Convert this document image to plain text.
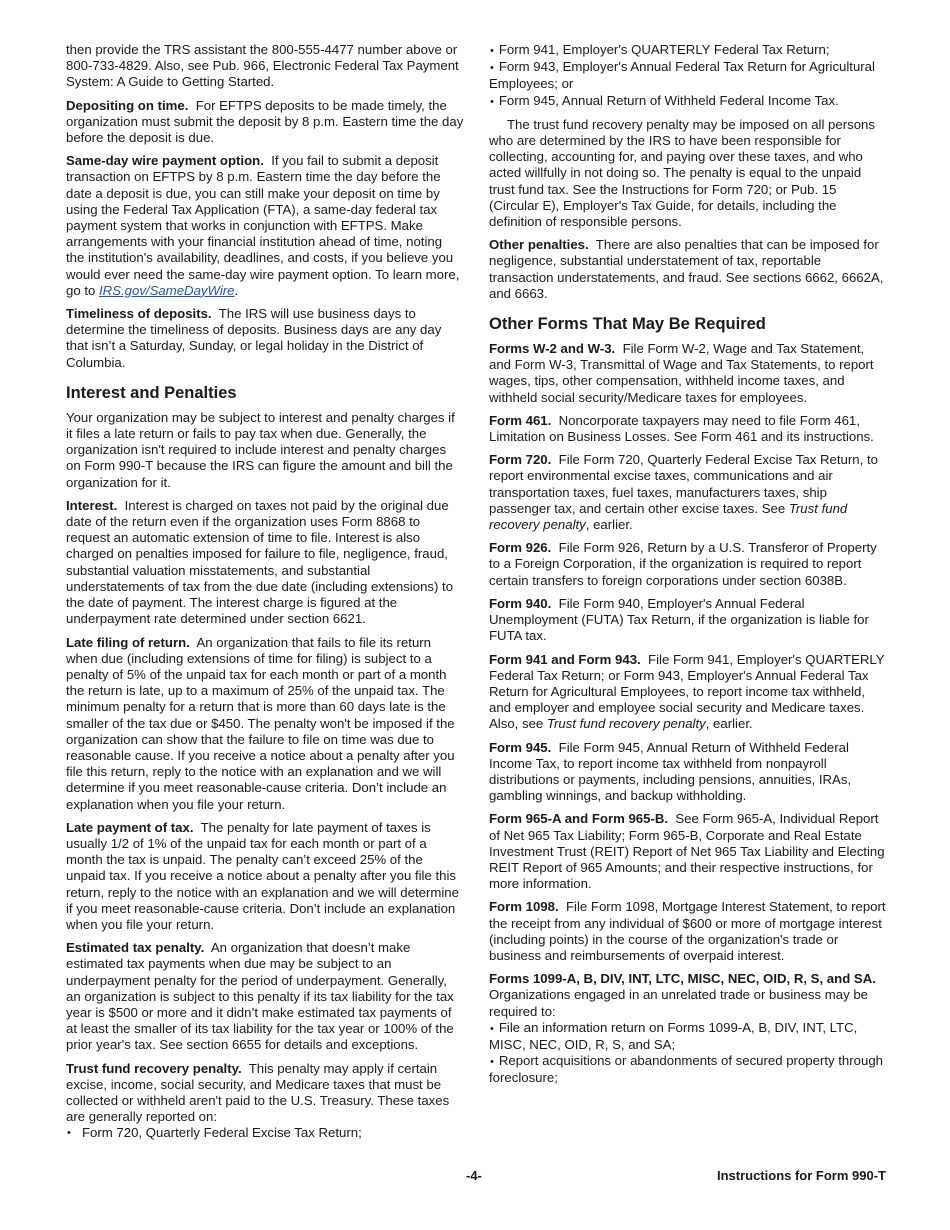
then provide the TRS assistant the 800-555-4477 number above or 800-733-4829. Also, see Pub. 966, Electronic Federal Tax Payment System: A Guide to Getting Started.

Depositing on time. For EFTPS deposits to be made timely, the organization must submit the deposit by 8 p.m. Eastern time the day before the deposit is due.

Same-day wire payment option. If you fail to submit a deposit transaction on EFTPS by 8 p.m. Eastern time the day before the date a deposit is due, you can still make your deposit on time by using the Federal Tax Application (FTA), a same-day federal tax payment system that works in conjunction with EFTPS. Make arrangements with your financial institution ahead of time, noting the institution's availability, deadlines, and costs, if you believe you would ever need the same-day wire payment option. To learn more, go to IRS.gov/SameDayWire.

Timeliness of deposits. The IRS will use business days to determine the timeliness of deposits. Business days are any day that isn’t a Saturday, Sunday, or legal holiday in the District of Columbia.

Interest and Penalties

Your organization may be subject to interest and penalty charges if it files a late return or fails to pay tax when due. Generally, the organization isn't required to include interest and penalty charges on Form 990-T because the IRS can figure the amount and bill the organization for it.

Interest. Interest is charged on taxes not paid by the original due date of the return even if the organization uses Form 8868 to request an automatic extension of time to file. Interest is also charged on penalties imposed for failure to file, negligence, fraud, substantial valuation misstatements, and substantial understatements of tax from the due date (including extensions) to the date of payment. The interest charge is figured at the underpayment rate determined under section 6621.

Late filing of return. An organization that fails to file its return when due (including extensions of time for filing) is subject to a penalty of 5% of the unpaid tax for each month or part of a month the return is late, up to a maximum of 25% of the unpaid tax. The minimum penalty for a return that is more than 60 days late is the smaller of the tax due or $450. The penalty won't be imposed if the organization can show that the failure to file on time was due to reasonable cause. If you receive a notice about a penalty after you file this return, reply to the notice with an explanation and we will determine if you meet reasonable-cause criteria. Don’t include an explanation when you file your return.

Late payment of tax. The penalty for late payment of taxes is usually 1/2 of 1% of the unpaid tax for each month or part of a month the tax is unpaid. The penalty can’t exceed 25% of the unpaid tax. If you receive a notice about a penalty after you file this return, reply to the notice with an explanation and we will determine if you meet reasonable-cause criteria. Don’t include an explanation when you file your return.

Estimated tax penalty. An organization that doesn’t make estimated tax payments when due may be subject to an underpayment penalty for the period of underpayment. Generally, an organization is subject to this penalty if its tax liability for the tax year is $500 or more and it didn’t make estimated tax payments of at least the smaller of its tax liability for the tax year or 100% of the prior year's tax. See section 6655 for details and exceptions.

Trust fund recovery penalty. This penalty may apply if certain excise, income, social security, and Medicare taxes that must be collected or withheld aren't paid to the U.S. Treasury. These taxes are generally reported on:

• Form 720, Quarterly Federal Excise Tax Return;

• Form 941, Employer's QUARTERLY Federal Tax Return;

• Form 943, Employer's Annual Federal Tax Return for Agricultural Employees; or

• Form 945, Annual Return of Withheld Federal Income Tax.

The trust fund recovery penalty may be imposed on all persons who are determined by the IRS to have been responsible for collecting, accounting for, and paying over these taxes, and who acted willfully in not doing so. The penalty is equal to the unpaid trust fund tax. See the Instructions for Form 720; or Pub. 15 (Circular E), Employer's Tax Guide, for details, including the definition of responsible persons.

Other penalties. There are also penalties that can be imposed for negligence, substantial understatement of tax, reportable transaction understatements, and fraud. See sections 6662, 6662A, and 6663.

Other Forms That May Be Required

Forms W-2 and W-3. File Form W-2, Wage and Tax Statement, and Form W-3, Transmittal of Wage and Tax Statements, to report wages, tips, other compensation, withheld income taxes, and withheld social security/Medicare taxes for employees.

Form 461. Noncorporate taxpayers may need to file Form 461, Limitation on Business Losses. See Form 461 and its instructions.

Form 720. File Form 720, Quarterly Federal Excise Tax Return, to report environmental excise taxes, communications and air transportation taxes, fuel taxes, manufacturers taxes, ship passenger tax, and certain other excise taxes. See Trust fund recovery penalty, earlier.

Form 926. File Form 926, Return by a U.S. Transferor of Property to a Foreign Corporation, if the organization is required to report certain transfers to foreign corporations under section 6038B.

Form 940. File Form 940, Employer's Annual Federal Unemployment (FUTA) Tax Return, if the organization is liable for FUTA tax.

Form 941 and Form 943. File Form 941, Employer's QUARTERLY Federal Tax Return; or Form 943, Employer's Annual Federal Tax Return for Agricultural Employees, to report income tax withheld, and employer and employee social security and Medicare taxes. Also, see Trust fund recovery penalty, earlier.

Form 945. File Form 945, Annual Return of Withheld Federal Income Tax, to report income tax withheld from nonpayroll distributions or payments, including pensions, annuities, IRAs, gambling winnings, and backup withholding.

Form 965-A and Form 965-B. See Form 965-A, Individual Report of Net 965 Tax Liability; Form 965-B, Corporate and Real Estate Investment Trust (REIT) Report of Net 965 Tax Liability and Electing REIT Report of 965 Amounts; and their respective instructions, for more information.

Form 1098. File Form 1098, Mortgage Interest Statement, to report the receipt from any individual of $600 or more of mortgage interest (including points) in the course of the organization's trade or business and reimbursements of overpaid interest.

Forms 1099-A, B, DIV, INT, LTC, MISC, NEC, OID, R, S, and SA.  Organizations engaged in an unrelated trade or business may be required to:

• File an information return on Forms 1099-A, B, DIV, INT, LTC, MISC, NEC, OID, R, S, and SA;

• Report acquisitions or abandonments of secured property through foreclosure;

-4-	Instructions for Form 990-T
